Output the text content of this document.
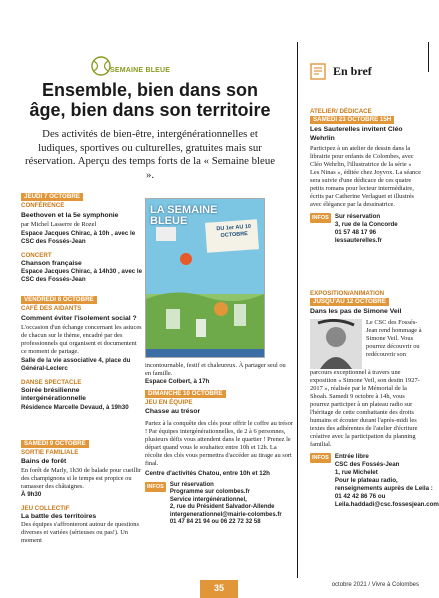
SEMAINE BLEUE
Ensemble, bien dans son
âge, bien dans son territoire
Des activités de bien-être, intergénérationnelles et ludiques, sportives ou culturelles, gratuites mais sur réservation. Aperçu des temps forts de la « Semaine bleue ».
JEUDI 7 OCTOBRE
CONFÉRENCE
Beethoven et la 5e symphonie
par Michel Lasserre de Rozel
Espace Jacques Chirac, à 10h , avec le CSC des Fossés-Jean
CONCERT
Chanson française
Espace Jacques Chirac, à 14h30 , avec le CSC des Fossés-Jean
VENDREDI 8 OCTOBRE
CAFÉ DES AIDANTS
Comment éviter l'isolement social ?
L'occasion d'un échange concernant les astuces de chacun sur le thème, encadré par des professionnels qui organisent et documentent ce moment de partage.
Salle de la vie associative 4, place du Général-Leclerc
DANSE SPECTACLE
Soirée brésilienne intergénérationnelle
Résidence Marcelle Devaud, à 19h30
SAMEDI 9 OCTOBRE
SORTIE FAMILIALE
Bains de forêt
En forêt de Marly, 1h30 de balade pour cueillir des champignons si le temps est propice ou ramasser des châtaignes.
À 9h30
JEU COLLECTIF
La battle des territoires
Des équipes s'affronteront autour de questions diverses et variées (sérieuses ou pas!). Un moment
LA SEMAINE BLEUE
DU 1er AU 10 OCTOBRE
incontournable, festif et chaleureux. À partager seul ou en famille.
Espace Colbert, à 17h
DIMANCHE 10 OCTOBRE
JEU EN ÉQUIPE
Chasse au trésor
Partez à la conquête des clés pour offrir le coffre au trésor ! Par équipes intergénérationnelles, de 2 à 6 personnes, plusieurs défis vous attendent dans le quartier ! Prenez le départ quand vous le souhaitez entre 10h et 12h. La récolte des clés vous permettra d'accéder au tirage au sort final.
Centre d'activités Chatou, entre 10h et 12h
INFOS	Sur réservation
Programme sur colombes.fr
Service intergénérationnel,
2, rue du Président Salvador-Allende
intergenerationnel@mairie-colombes.fr
01 47 84 21 94 ou 06 22 72 32 58
En bref
ATELIER/ DÉDICACE
SAMEDI 23 OCTOBRE 15H
Les Sauterelles invitent Cléo Wehrlin
Participez à un atelier de dessin dans la librairie pour enfants de Colombes, avec Cléo Wehrlin, l'illustratrice de la série « Les Ninas », éditée chez Joyvox. La séance sera suivie d'une dédicace de ces quatre petits romans pour lecteur intermédiaire, écrits par Catherine Verlaguet et illustrés avec élégance par la dessinatrice.
INFOS Sur réservation
3, rue de la Concorde
01 57 48 17 96
lessauterelles.fr
EXPOSITION/ANIMATION
JUSQU'AU 12 OCTOBRE
Dans les pas de Simone Veil
Le CSC des Fossés-Jean rend hommage à Simone Veil. Vous pourrez découvrir ou redécouvrir son
parcours exceptionnel à travers une exposition « Simone Veil, son destin 1927-2017 », réalisée par le Mémorial de la Shoah. Samedi 9 octobre à 14h, vous pourrez participer à un plateau radio sur l'héritage de cette combattante des droits humains et écouter durant l'après-midi les textes des adhérentes de l'atelier d'écriture créative avec la participation du planning familial.
INFOS Entrée libre
CSC des Fossés-Jean
1, rue Michelet
Pour le plateau radio, renseignements auprès de Leila : 01 42 42 86 76 ou Leila.haddadi@csc.fossesjean.com
35	octobre 2021 / Vivre à Colombes
